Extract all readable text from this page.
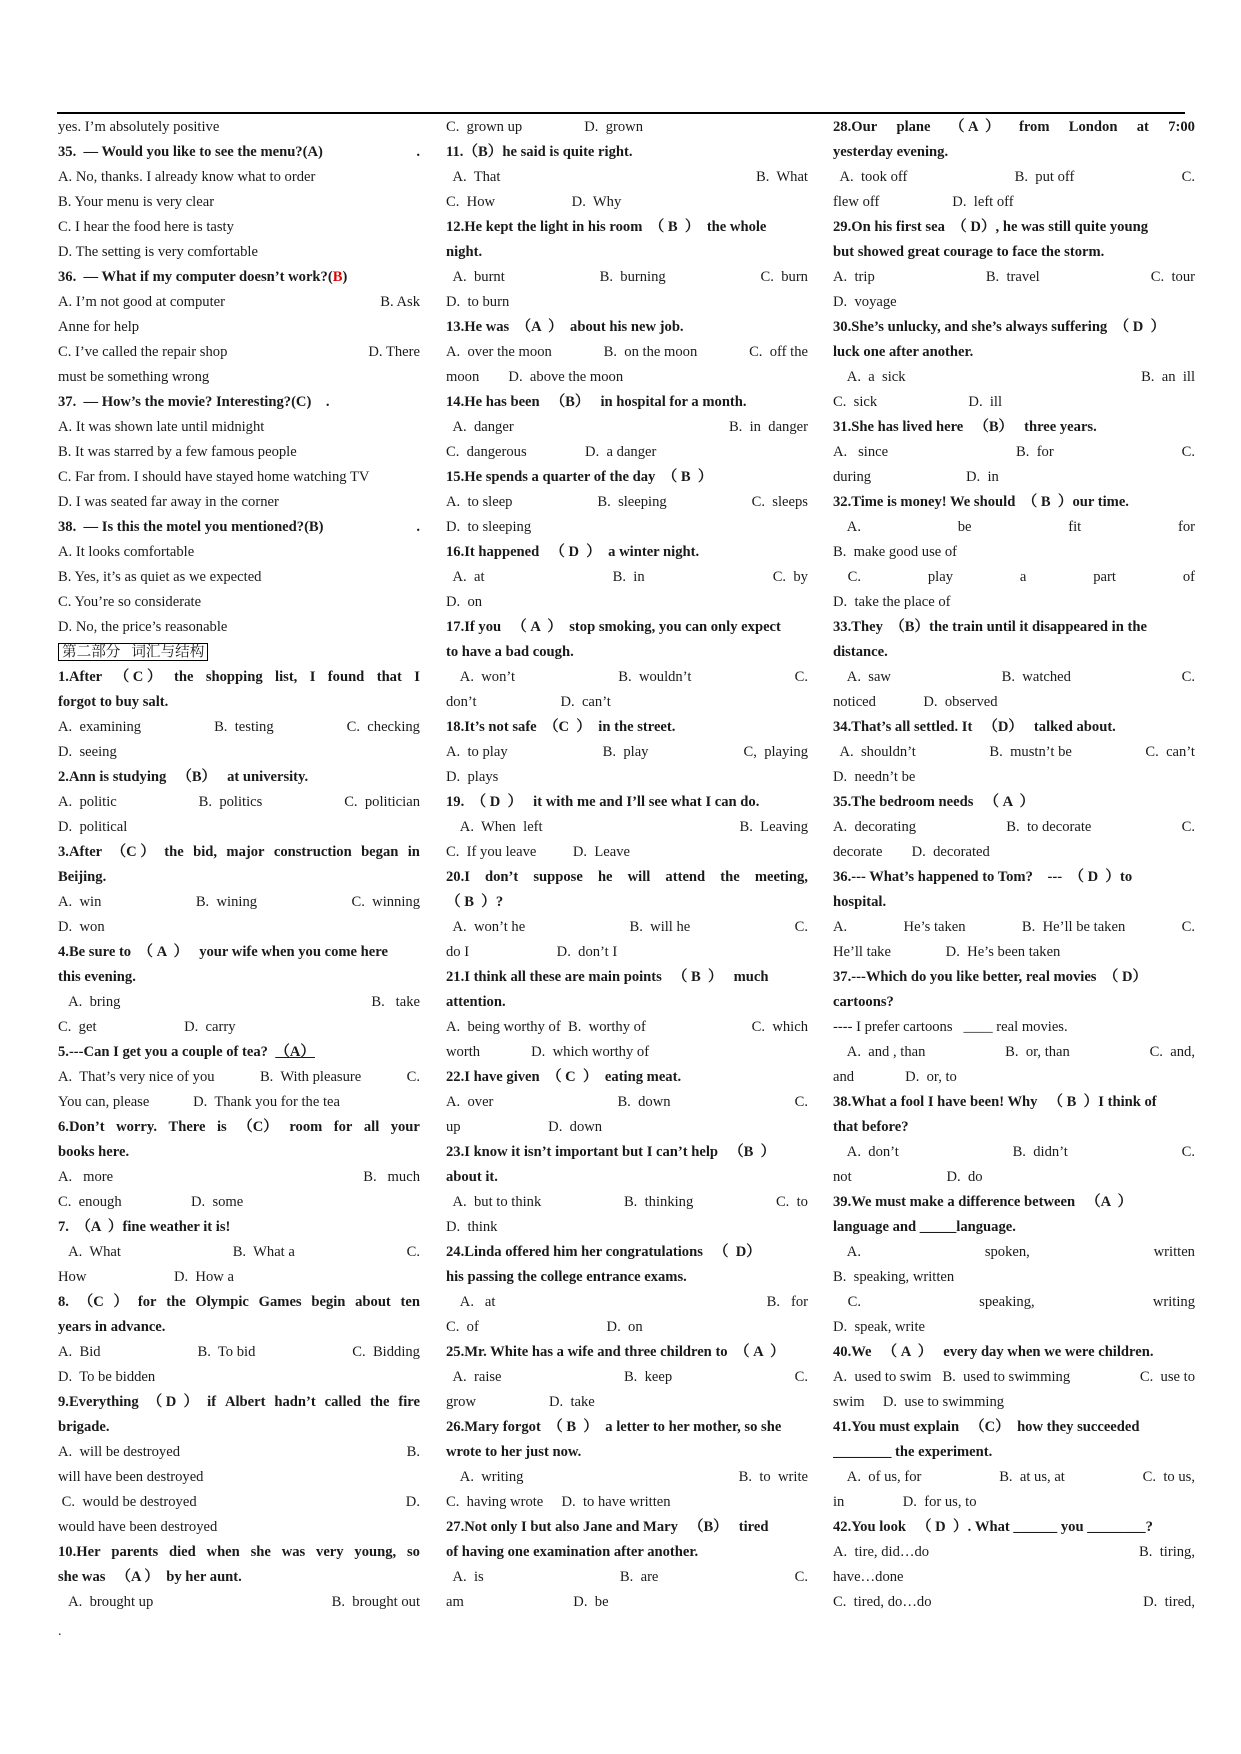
yes. I’m absolutely positive
35.  — Would you like to see the menu?(A)	.
A. No, thanks. I already know what to order
B. Your menu is very clear
C. I hear the food here is tasty
D. The setting is very comfortable
36.  — What if my computer doesn’t work?(B)
A. I’m not good at computer	B. Ask
Anne for help
C. I’ve called the repair shop	D. There
must be something wrong
37.  — How’s the movie? Interesting?(C)    .
A. It was shown late until midnight
B. It was starred by a few famous people
C. Far from. I should have stayed home watching TV
D. I was seated far away in the corner
38.  — Is this the motel you mentioned?(B)	.
A. It looks comfortable
B. Yes, it’s as quiet as we expected
C. You’re so considerate
D. No, the price’s reasonable
第二部分   词汇与结构
1.After （ C ） the shopping list, I found that I
forgot to buy salt.
A.  examining	B.  testing	C.  checking
D.  seeing
2.Ann is studying   （B）   at university.
A.  politic	B.  politics	C.  politician
D.  political
3.After （C ） the bid, major construction began in
Beijing.
A.  win	B.  wining	C.  winning
D.  won
4.Be sure to  （ A  ）   your wife when you come here
this evening.
A.  bring	B.   take
C.  get                        D.  carry
5.---Can I get you a couple of tea?  （A）
A.  That’s very nice of you	B.  With pleasure	C.
You can, please            D.  Thank you for the tea
6.Don’t worry. There is （C） room for all your
books here.
A.   more	B.   much
C.  enough                   D.  some
7.  （A  ）fine weather it is!
A.  What	B.  What a	C.
How                        D.  How a
8. （C ） for the Olympic Games begin about ten
years in advance.
A.  Bid	B.  To bid	C.  Bidding
D.  To be bidden
9.Everything （ D  ） if Albert hadn’t called the fire
brigade.
A.  will be destroyed	B.
will have been destroyed
C.  would be destroyed	D.
would have been destroyed
10.Her parents died when she was very young, so
she was   （A ）  by her aunt.
A.  brought up	B.  brought out
C.  grown up                 D.  grown
11.（B）he said is quite right.
A.  That	B.  What
C.  How                     D.  Why
12.He kept the light in his room  （ B  ）  the whole
night.
A.  burnt	B.  burning	C.  burn
D.  to burn
13.He was  （A  ）  about his new job.
A.  over the moon	B.  on the moon	C.  off the
moon        D.  above the moon
14.He has been   （B）   in hospital for a month.
A.  danger	B.  in  danger
C.  dangerous                D.  a danger
15.He spends a quarter of the day  （ B  ）
A.  to sleep	B.  sleeping	C.  sleeps
D.  to sleeping
16.It happened   （ D  ）  a winter night.
A.  at	B.  in	C.  by
D.  on
17.If you   （ A  ）  stop smoking, you can only expect
to have a bad cough.
A.  won’t	B.  wouldn’t	C.
don’t                       D.  can’t
18.It’s not safe  （C  ）  in the street.
A.  to play	B.  play	C,  playing
D.  plays
19.  （ D  ）   it with me and I’ll see what I can do.
A.  When  left	B.  Leaving
C.  If you leave          D.  Leave
20.I don’t suppose he will attend the meeting,
（ B  ）?
A.  won’t he	B.  will he	C.
do I                        D.  don’t I
21.I think all these are main points   （ B  ）   much
attention.
A.  being worthy of  B.  worthy of	C.  which
worth              D.  which worthy of
22.I have given  （ C  ）  eating meat.
A.  over	B.  down	C.
up                        D.  down
23.I know it isn’t important but I can’t help   （B  ）
about it.
A.  but to think	B.  thinking	C.  to
D.  think
24.Linda offered him her congratulations   （  D）
his passing the college entrance exams.
A.   at	B.   for
C.  of                                   D.  on
25.Mr. White has a wife and three children to  （ A  ）
A.  raise	B.  keep	C.
grow                    D.  take
26.Mary forgot  （ B  ）  a letter to her mother, so she
wrote to her just now.
A.  writing	B.  to  write
C.  having wrote     D.  to have written
27.Not only I but also Jane and Mary   （B）   tired
of having one examination after another.
A.  is	B.  are	C.
am                              D.  be
28.Our plane （ A  ） from London at 7:00
yesterday evening.
A.  took off	B.  put off	C.
flew off                    D.  left off
29.On his first sea  （ D）, he was still quite young
but showed great courage to face the storm.
A.  trip	B.  travel	C.  tour
D.  voyage
30.She’s unlucky, and she’s always suffering  （ D  ）
luck one after another.
A.  a  sick	B.  an  ill
C.  sick                         D.  ill
31.She has lived here   （B）   three years.
A.   since	B.  for	C.
during                          D.  in
32.Time is money! We should  （ B  ）our time.
A.	be	fit	for
B.  make good use of
C.	play	a	part	of
D.  take the place of
33.They  （B）the train until it disappeared in the
distance.
A.  saw	B.  watched	C.
noticed             D.  observed
34.That’s all settled. It   （D）   talked about.
A.  shouldn’t	B.  mustn’t be	C.  can’t
D.  needn’t be
35.The bedroom needs   （ A  ）
A.  decorating	B.  to decorate	C.
decorate        D.  decorated
36.--- What’s happened to Tom?    ---  （ D  ）to
hospital.
A.	He’s taken	B.  He’ll be taken	C.
He’ll take               D.  He’s been taken
37.---Which do you like better, real movies  （ D）
cartoons?
---- I prefer cartoons   ____ real movies.
A.  and , than	B.  or, than	C.  and,
and              D.  or, to
38.What a fool I have been! Why   （ B  ）I think of
that before?
A.  don’t	B.  didn’t	C.
not                          D.  do
39.We must make a difference between   （A  ）
language and _____language.
A.	spoken,	written
B.  speaking, written
C.	speaking,	writing
D.  speak, write
40.We   （ A  ）   every day when we were children.
A.  used to swim   B.  used to swimming	C.  use to
swim     D.  use to swimming
41.You must explain   （C）  how they succeeded
________ the experiment.
A.  of us, for	B.  at us, at	C.  to us,
in                D.  for us, to
42.You look   （ D  ）. What ______ you ________?
A.  tire, did…do	B.  tiring,
have…done
C.  tired, do…do	D.  tired,
.
